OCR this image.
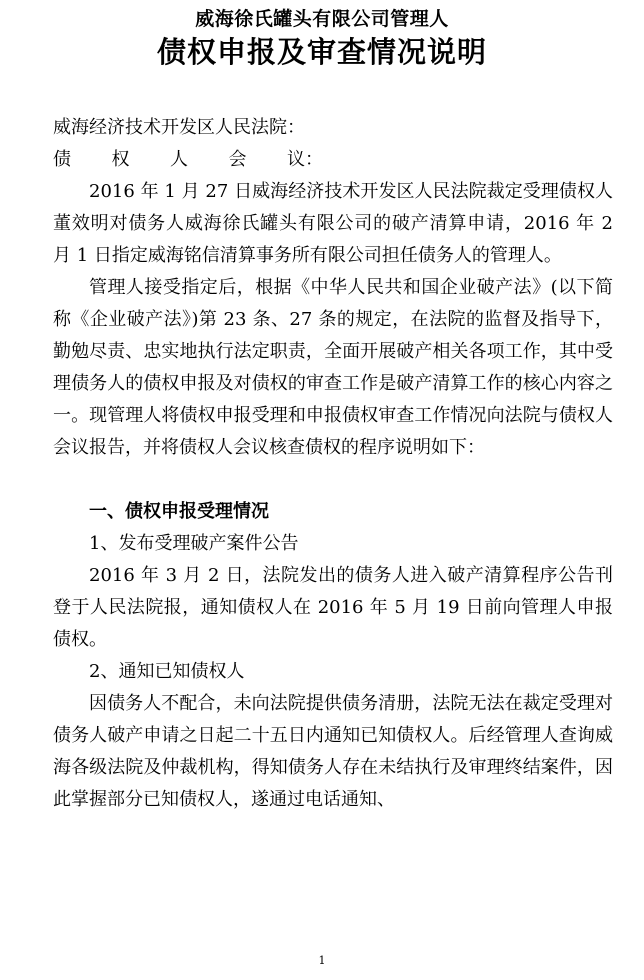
威海徐氏罐头有限公司管理人
债权申报及审查情况说明
威海经济技术开发区人民法院：
债 权 人 会 议：

2016 年 1 月 27 日威海经济技术开发区人民法院裁定受理债权人董效明对债务人威海徐氏罐头有限公司的破产清算申请，2016 年 2 月 1 日指定威海铭信清算事务所有限公司担任债务人的管理人。

管理人接受指定后，根据《中华人民共和国企业破产法》(以下简称《企业破产法》)第 23 条、27 条的规定，在法院的监督及指导下，勤勉尽责、忠实地执行法定职责，全面开展破产相关各项工作，其中受理债务人的债权申报及对债权的审查工作是破产清算工作的核心内容之一。现管理人将债权申报受理和申报债权审查工作情况向法院与债权人会议报告，并将债权人会议核查债权的程序说明如下：

一、债权申报受理情况
1、发布受理破产案件公告

2016 年 3 月 2 日，法院发出的债务人进入破产清算程序公告刊登于人民法院报，通知债权人在 2016 年 5 月 19 日前向管理人申报债权。

2、通知已知债权人

因债务人不配合，未向法院提供债务清册，法院无法在裁定受理对债务人破产申请之日起二十五日内通知已知债权人。后经管理人查询威海各级法院及仲裁机构，得知债务人存在未结执行及审理终结案件，因此掌握部分已知债权人，遂通过电话通知、

1
